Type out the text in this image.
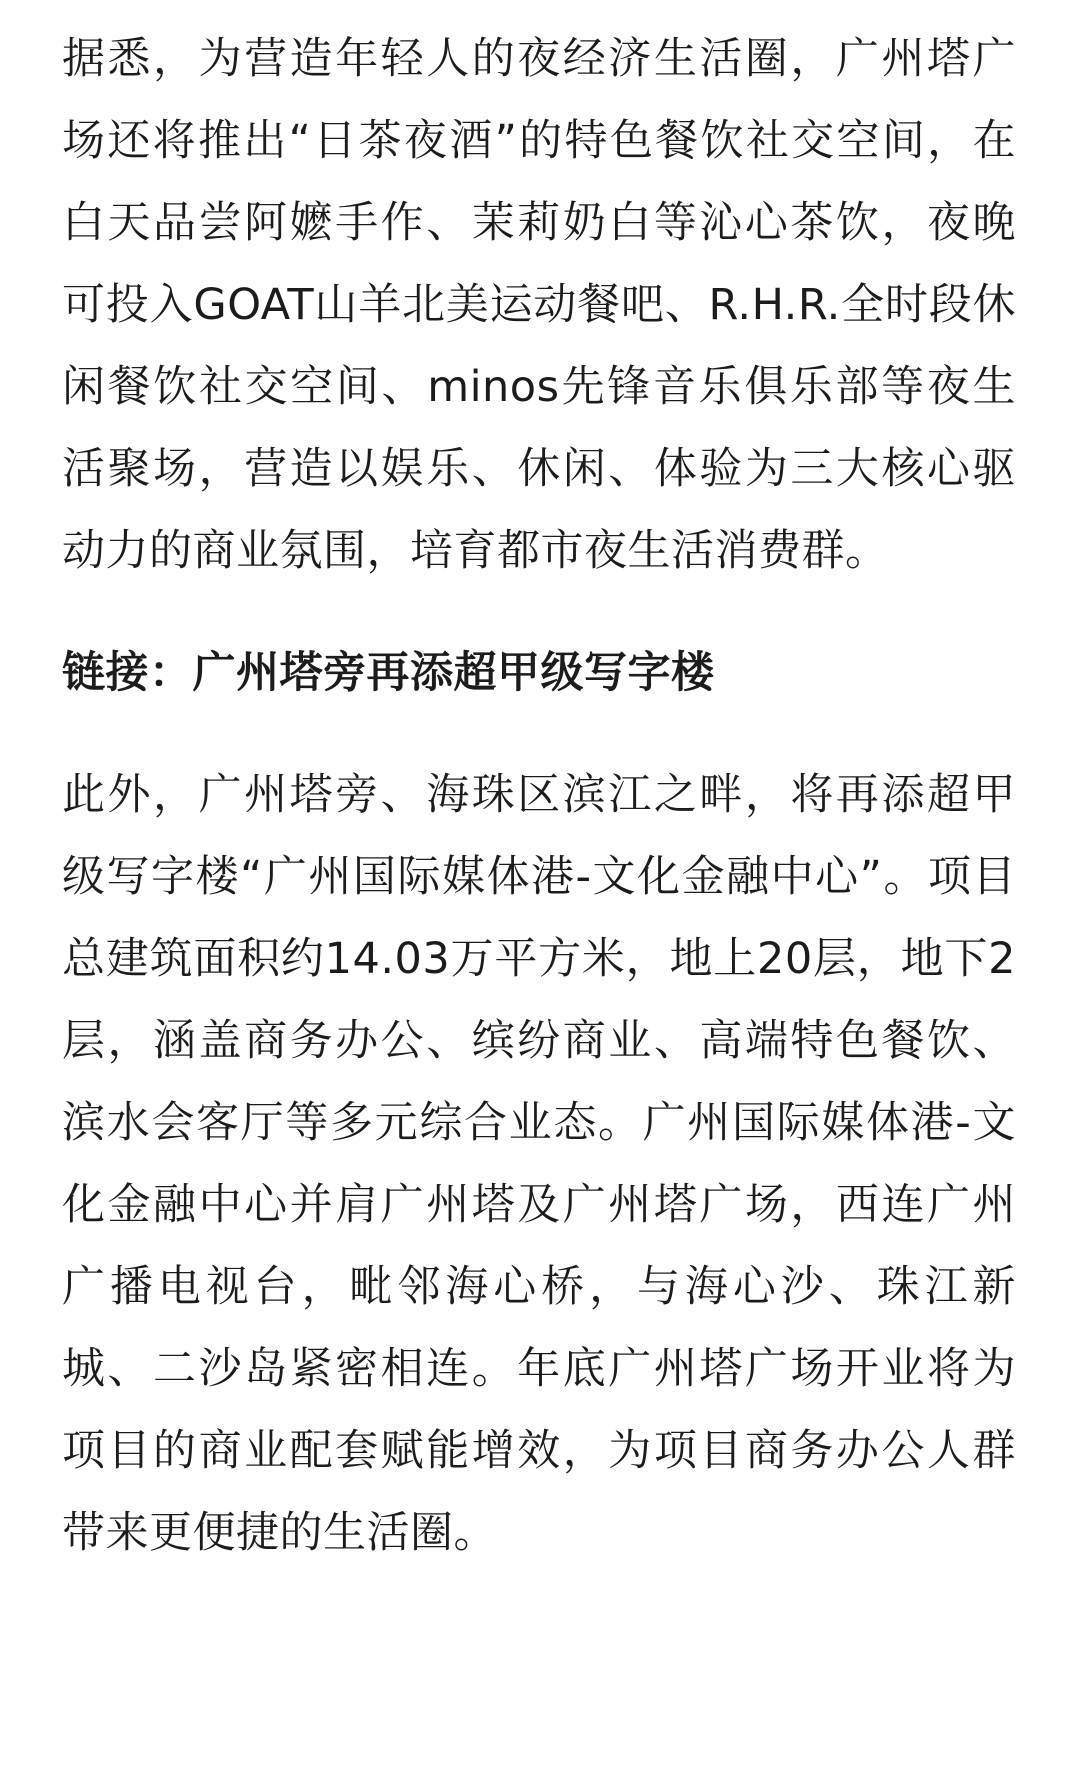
据悉，为营造年轻人的夜经济生活圈，广州塔广场还将推出“日茶夜酒”的特色餐饮社交空间，在白天品尝阿嬷手作、茉莉奶白等沁心茶饮，夜晚可投入GOAT山羊北美运动餐吧、R.H.R.全时段休闲餐饮社交空间、minos先锋音乐俱乐部等夜生活聚场，营造以娱乐、休闲、体验为三大核心驱动力的商业氛围，培育都市夜生活消费群。

链接：广州塔旁再添超甲级写字楼

此外，广州塔旁、海珠区滨江之畔，将再添超甲级写字楼“广州国际媒体港-文化金融中心”。项目总建筑面积约14.03万平方米，地上20层，地下2层，涵盖商务办公、缤纷商业、高端特色餐饮、滨水会客厅等多元综合业态。广州国际媒体港-文化金融中心并肩广州塔及广州塔广场，西连广州广播电视台，毗邻海心桥，与海心沙、珠江新城、二沙岛紧密相连。年底广州塔广场开业将为项目的商业配套赋能增效，为项目商务办公人群带来更便捷的生活圈。
